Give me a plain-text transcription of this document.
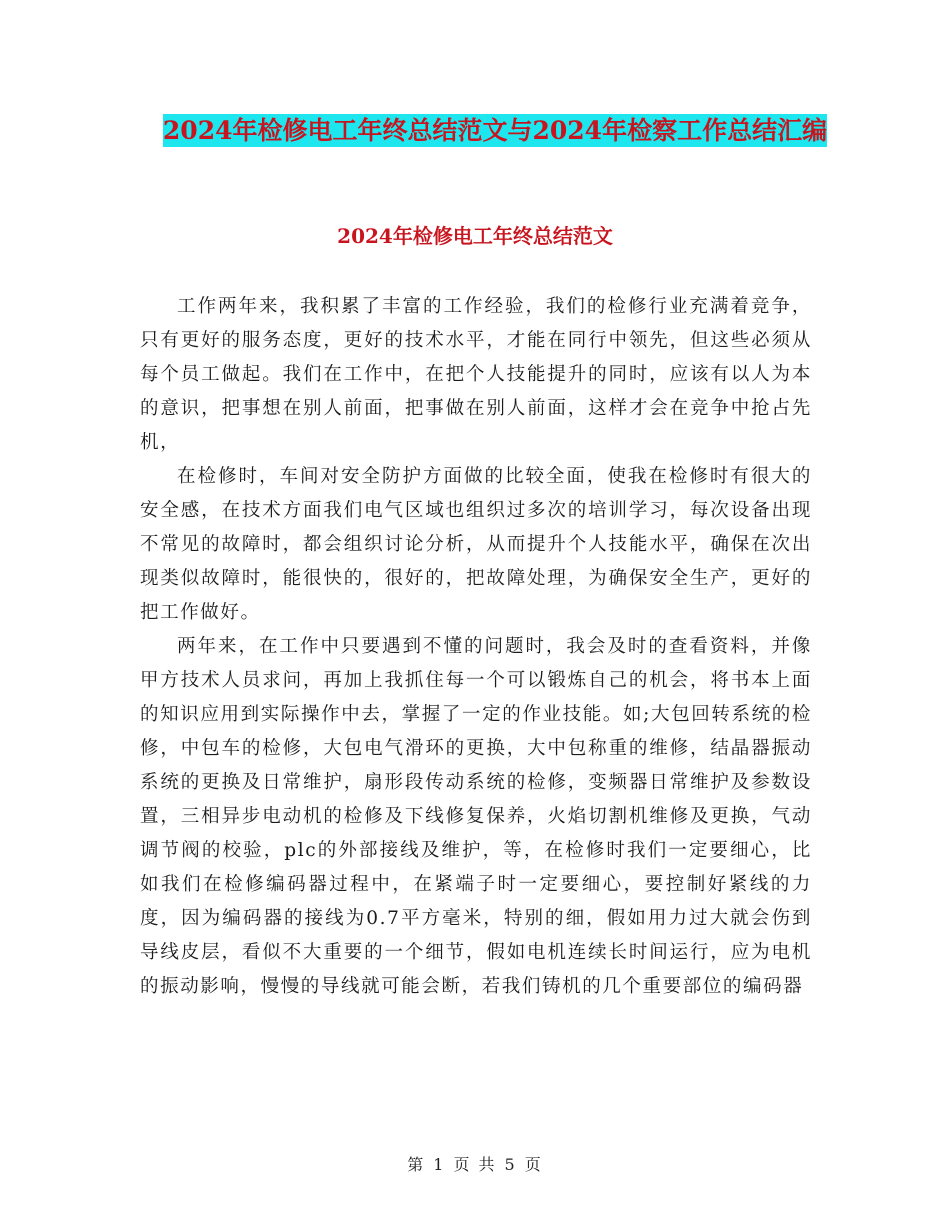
2024年检修电工年终总结范文与2024年检察工作总结汇编
2024年检修电工年终总结范文

工作两年来，我积累了丰富的工作经验，我们的检修行业充满着竞争，只有更好的服务态度，更好的技术水平，才能在同行中领先，但这些必须从每个员工做起。我们在工作中，在把个人技能提升的同时，应该有以人为本的意识，把事想在别人前面，把事做在别人前面，这样才会在竞争中抢占先机，

在检修时，车间对安全防护方面做的比较全面，使我在检修时有很大的安全感，在技术方面我们电气区域也组织过多次的培训学习，每次设备出现不常见的故障时，都会组织讨论分析，从而提升个人技能水平，确保在次出现类似故障时，能很快的，很好的，把故障处理，为确保安全生产，更好的把工作做好。

两年来，在工作中只要遇到不懂的问题时，我会及时的查看资料，并像甲方技术人员求问，再加上我抓住每一个可以锻炼自己的机会，将书本上面的知识应用到实际操作中去，掌握了一定的作业技能。如;大包回转系统的检修，中包车的检修，大包电气滑环的更换，大中包称重的维修，结晶器振动系统的更换及日常维护，扇形段传动系统的检修，变频器日常维护及参数设置，三相异步电动机的检修及下线修复保养，火焰切割机维修及更换，气动调节阀的校验，plc的外部接线及维护，等，在检修时我们一定要细心，比如我们在检修编码器过程中，在紧端子时一定要细心，要控制好紧线的力度，因为编码器的接线为0.7平方毫米，特别的细，假如用力过大就会伤到导线皮层，看似不大重要的一个细节，假如电机连续长时间运行，应为电机的振动影响，慢慢的导线就可能会断，若我们铸机的几个重要部位的编码器

第 1 页 共 5 页
